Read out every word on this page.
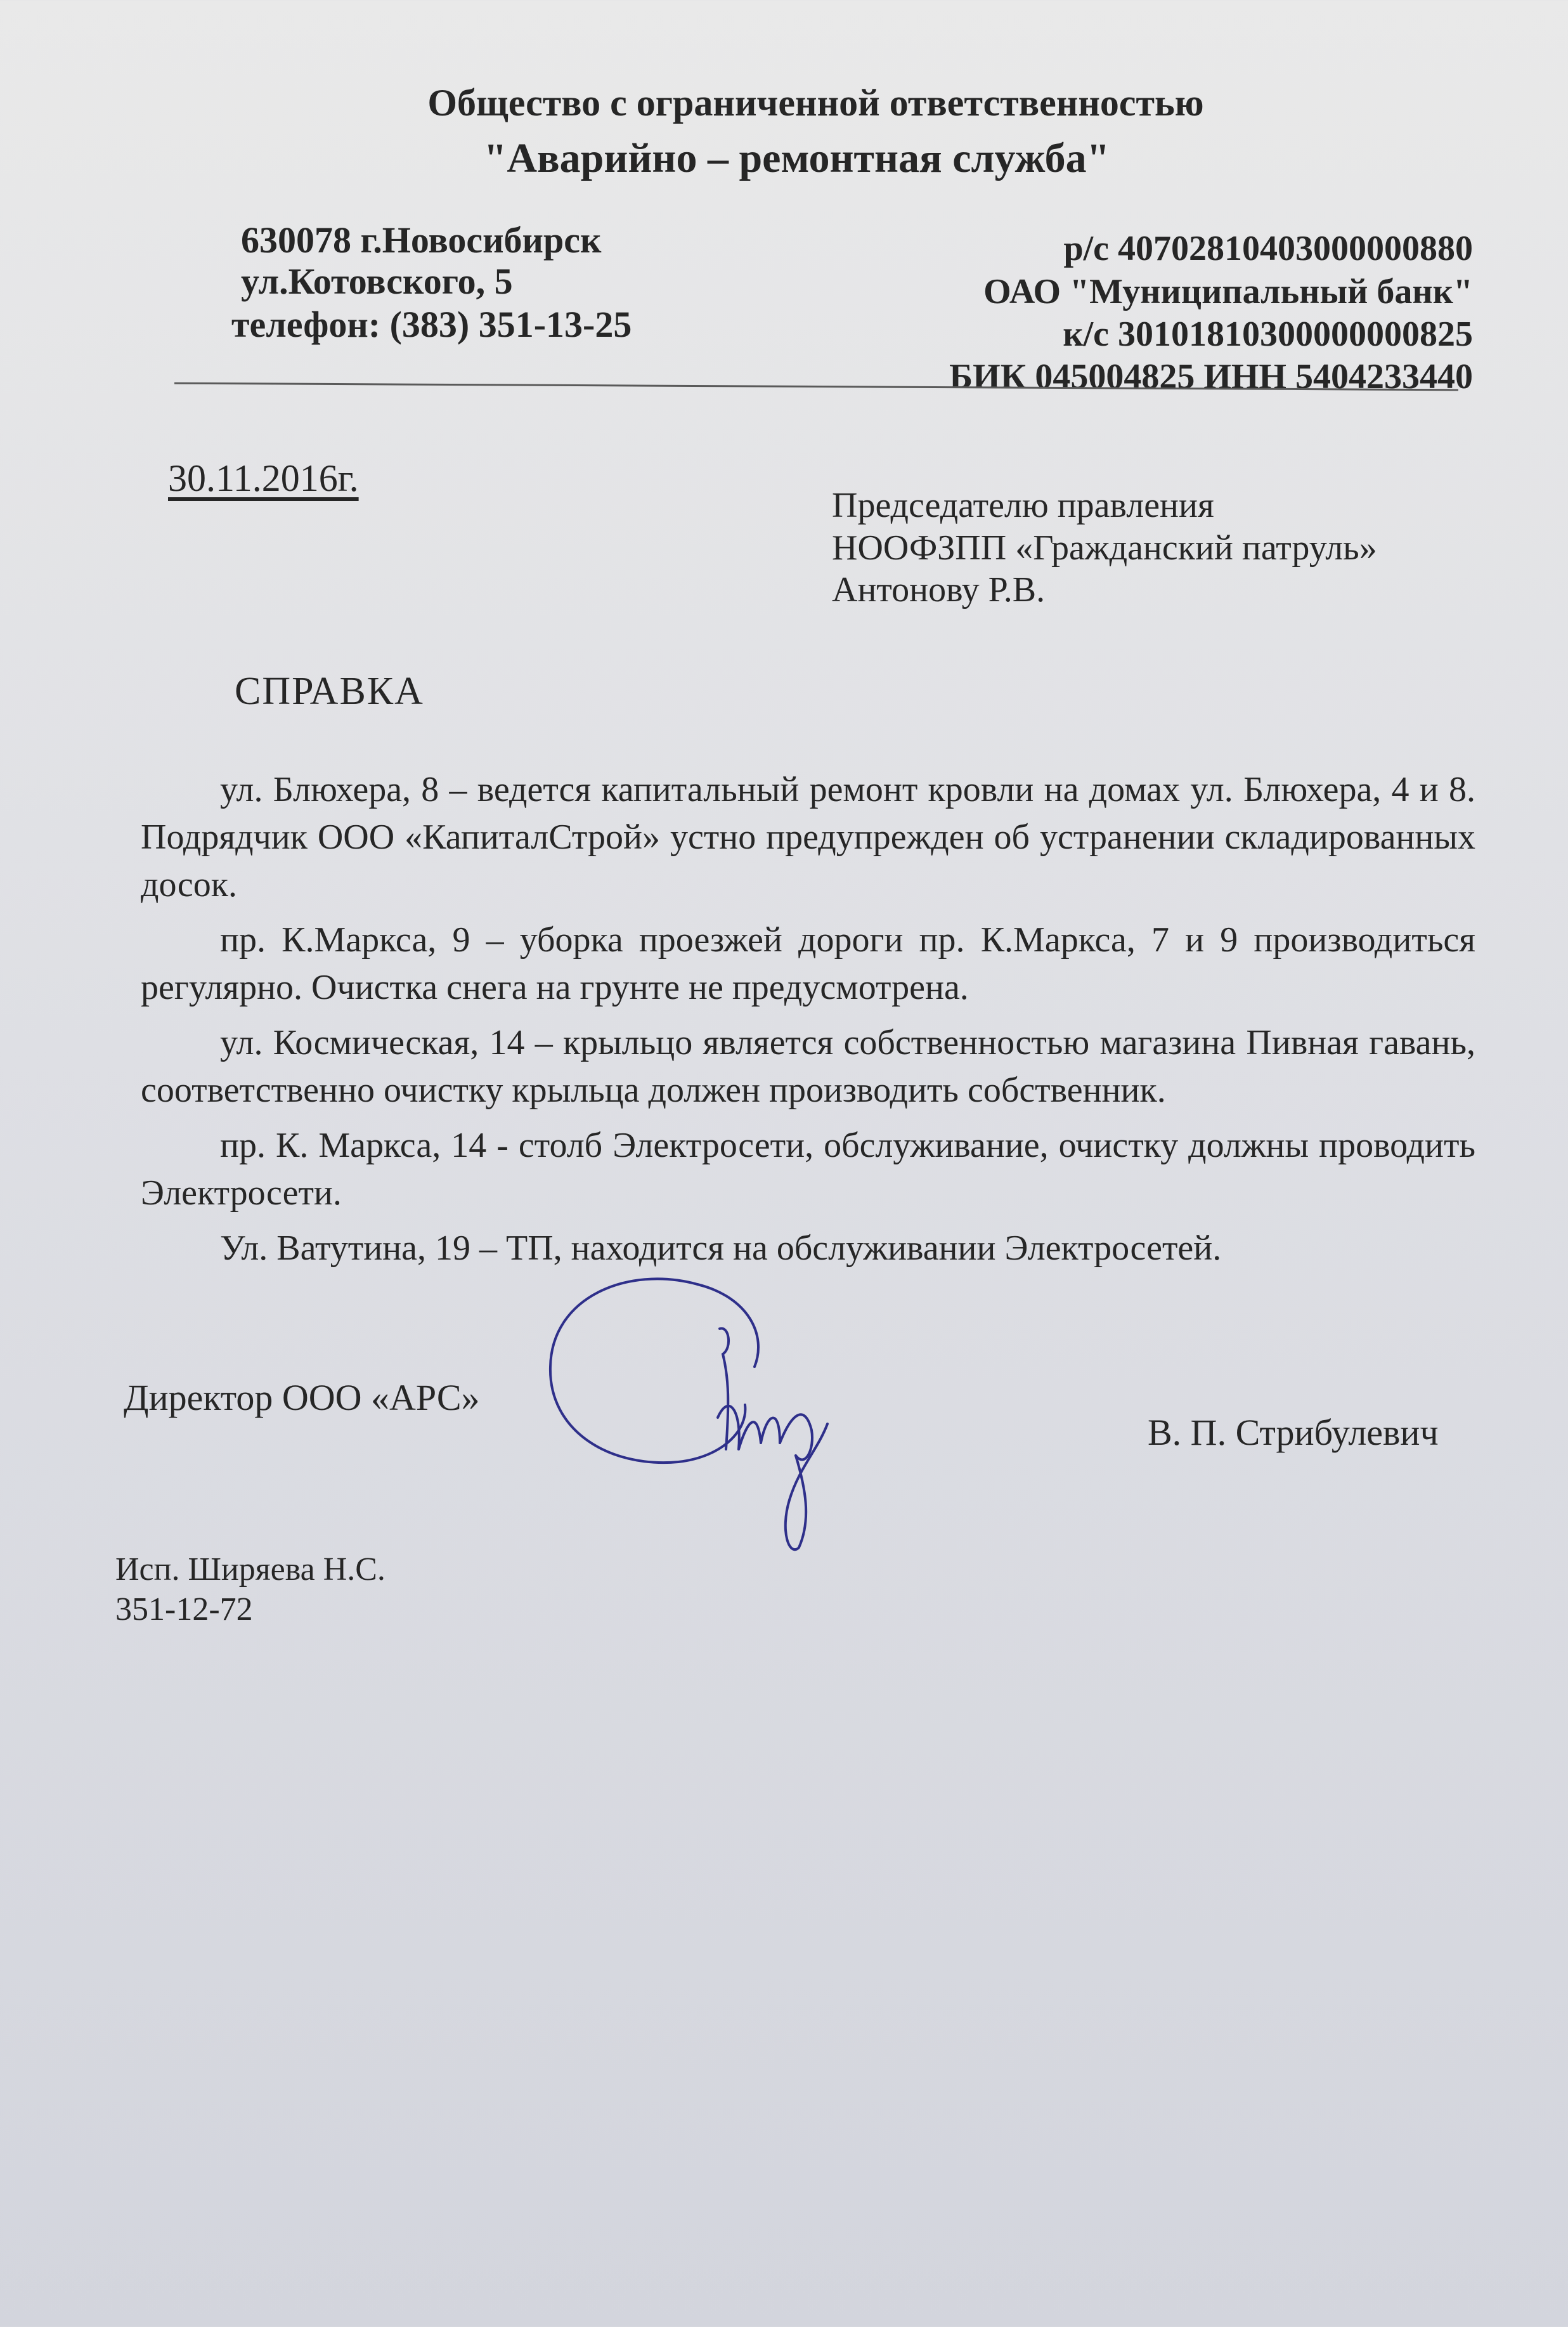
Общество с ограниченной ответственностью
"Аварийно – ремонтная служба"
630078 г.Новосибирск
ул.Котовского, 5
телефон: (383) 351-13-25
р/с 40702810403000000880
ОАО "Муниципальный банк"
к/с 30101810300000000825
БИК 045004825 ИНН 5404233440
30.11.2016г.
Председателю правления
НООФЗПП «Гражданский патруль»
Антонову Р.В.
СПРАВКА

ул. Блюхера, 8 – ведется капитальный ремонт кровли на домах ул. Блюхера, 4 и 8. Подрядчик ООО «КапиталСтрой» устно предупрежден об устранении складированных досок.

пр. К.Маркса, 9 – уборка проезжей дороги пр. К.Маркса, 7 и 9 производиться регулярно. Очистка снега на грунте не предусмотрена.

ул. Космическая, 14 – крыльцо является собственностью магазина Пивная гавань, соответственно очистку крыльца должен производить собственник.

пр. К. Маркса, 14 - столб Электросети, обслуживание, очистку должны проводить Электросети.

Ул. Ватутина, 19 – ТП, находится на обслуживании Электросетей.

Директор ООО «АРС»
В. П. Стрибулевич
Исп. Ширяева Н.С.
351-12-72
